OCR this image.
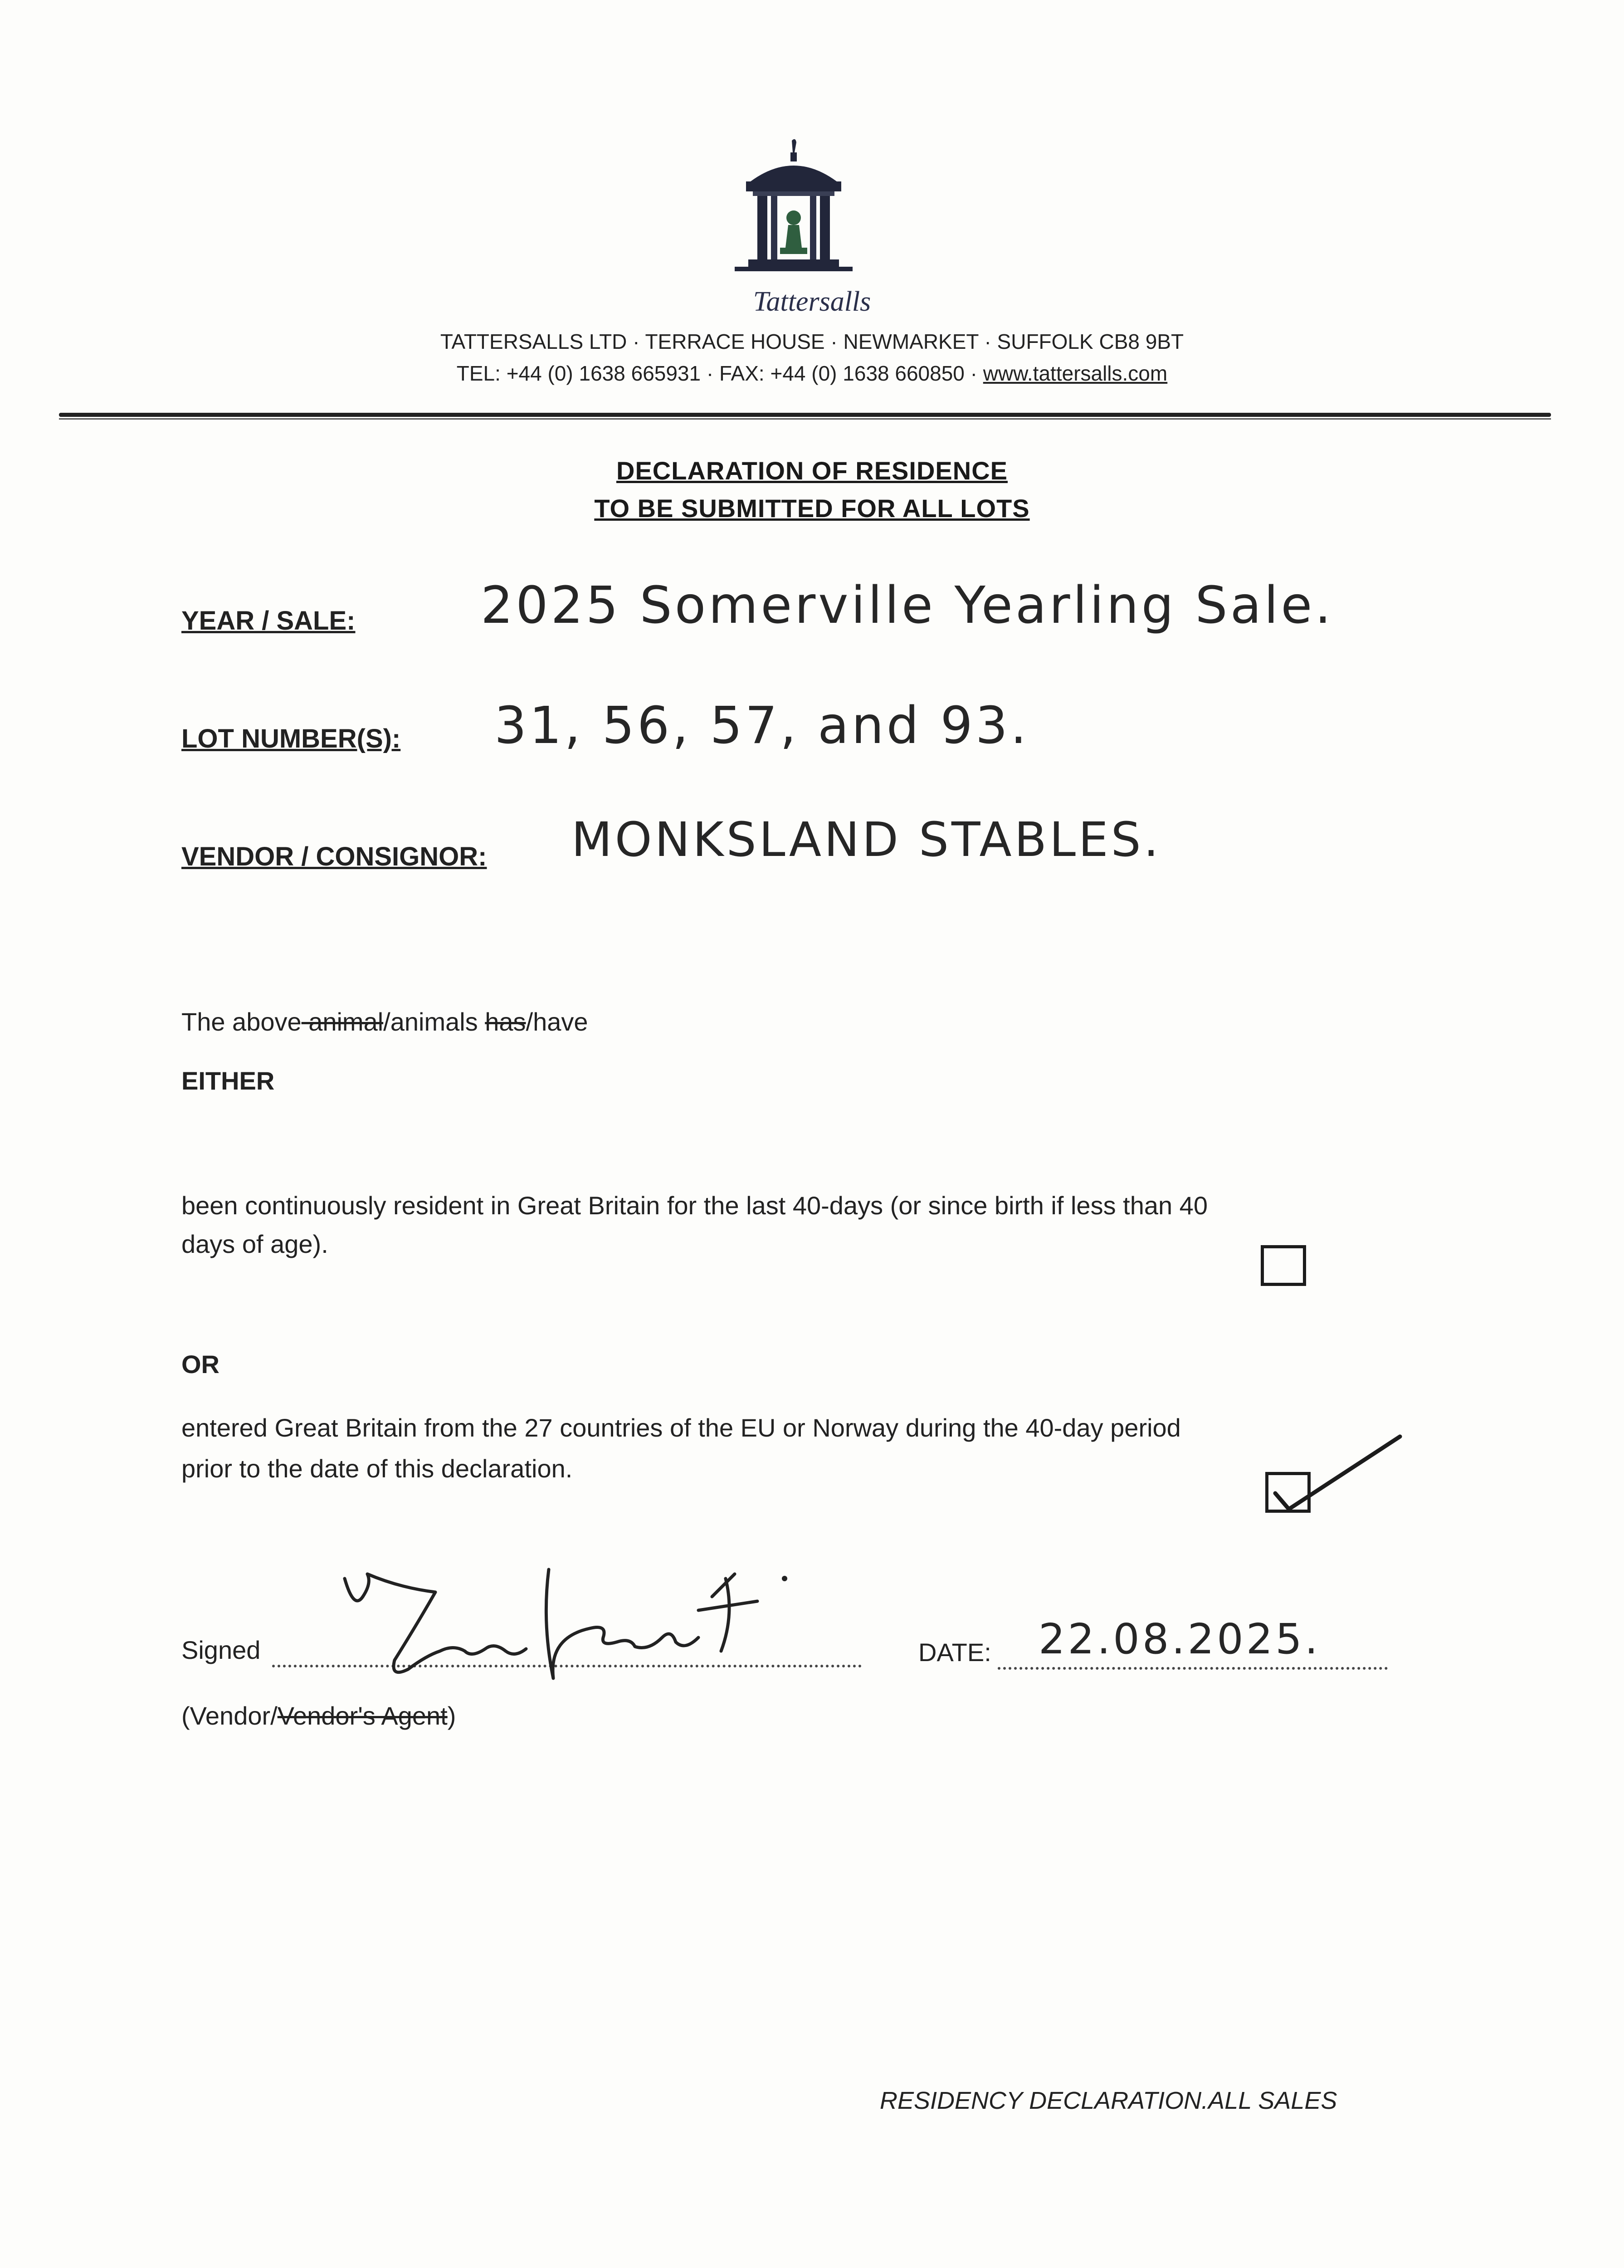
Tattersalls
TATTERSALLS LTD · TERRACE HOUSE · NEWMARKET · SUFFOLK CB8 9BT
TEL: +44 (0) 1638 665931 · FAX: +44 (0) 1638 660850 · www.tattersalls.com
DECLARATION OF RESIDENCE
TO BE SUBMITTED FOR ALL LOTS
YEAR / SALE: 2025 Somerville Yearling Sale.
LOT NUMBER(S): 31, 56, 57, and 93.
VENDOR / CONSIGNOR: MONKSLAND STABLES.
The above animal/animals has/have
EITHER
been continuously resident in Great Britain for the last 40-days (or since birth if less than 40
days of age).
OR
entered Great Britain from the 27 countries of the EU or Norway during the 40-day period
prior to the date of this declaration.
Signed	DATE: 22.08.2025.
(Vendor/Vendor's Agent)
RESIDENCY DECLARATION.ALL SALES
